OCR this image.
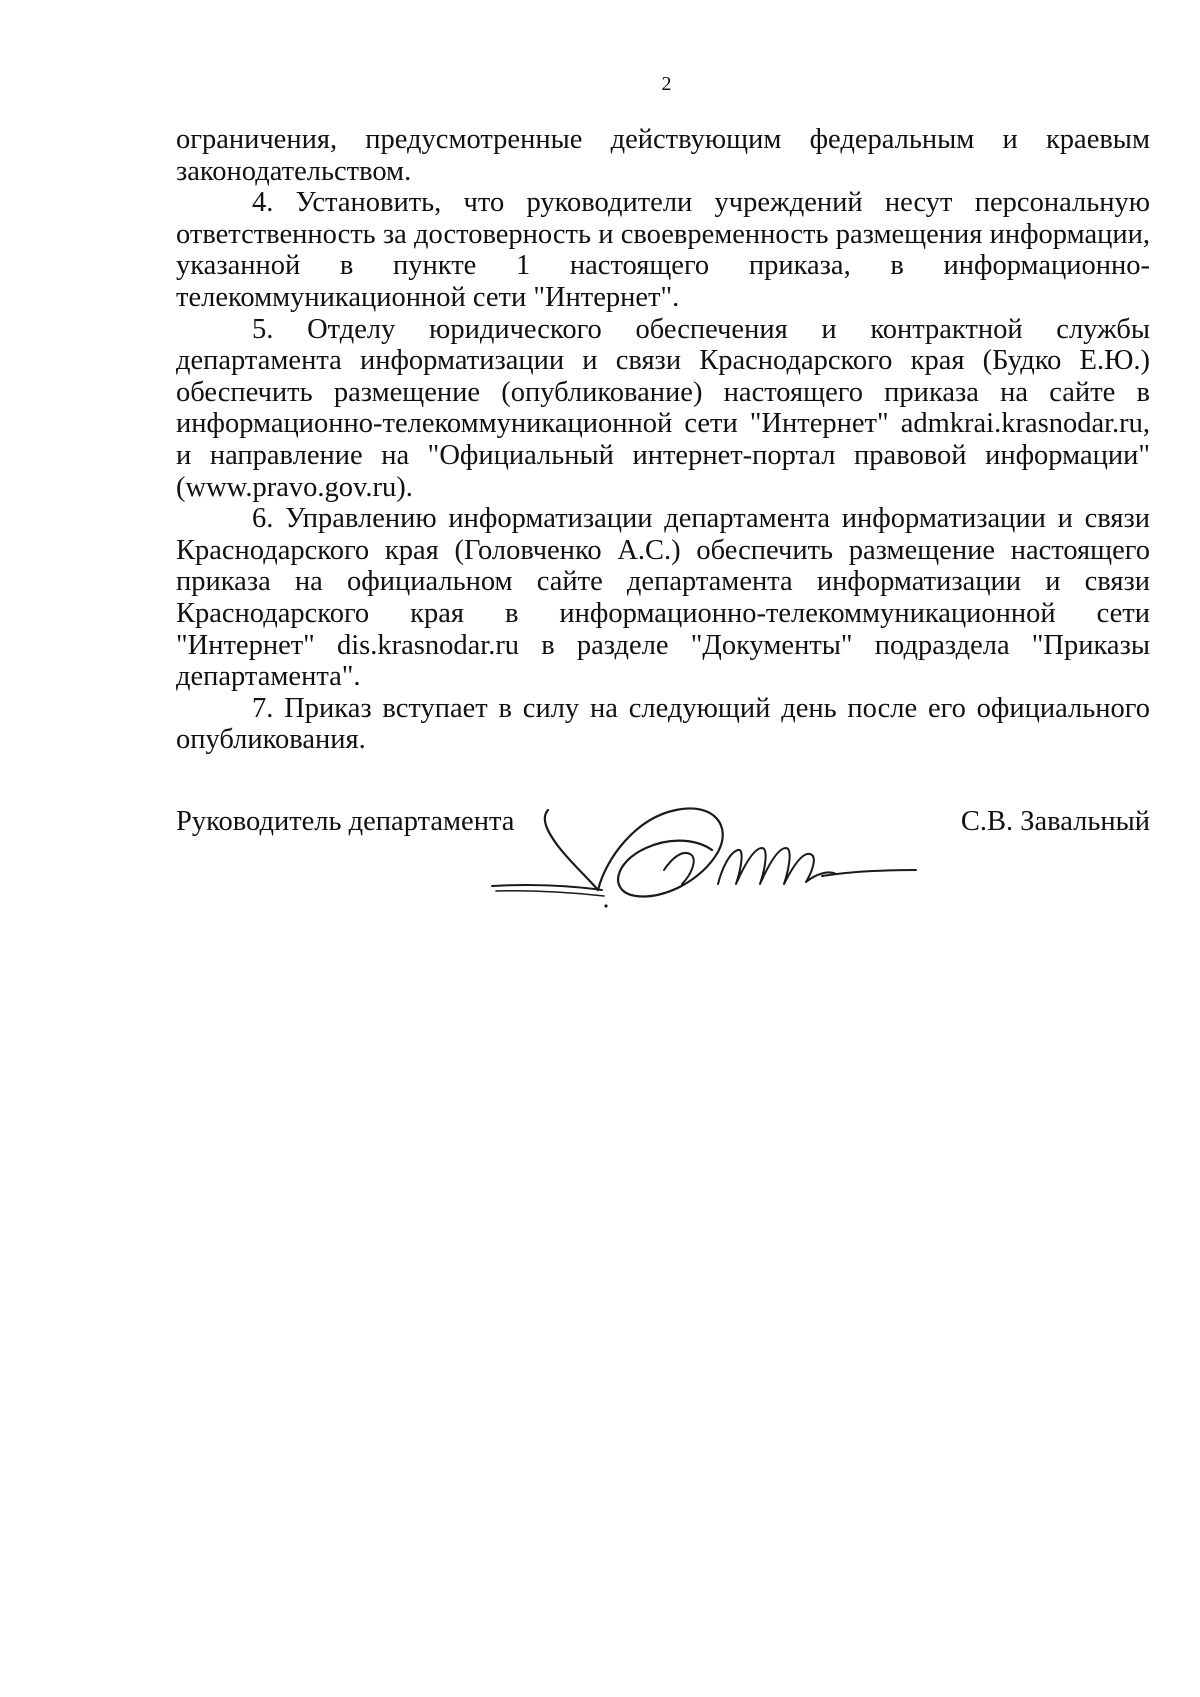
2

ограничения, предусмотренные действующим федеральным и краевым законодательством.

4. Установить, что руководители учреждений несут персональную ответственность за достоверность и своевременность размещения информации, указанной в пункте 1 настоящего приказа, в информационно-телекоммуникационной сети "Интернет".

5. Отделу юридического обеспечения и контрактной службы департамента информатизации и связи Краснодарского края (Будко Е.Ю.) обеспечить размещение (опубликование) настоящего приказа на сайте в информационно-телекоммуникационной сети "Интернет" admkrai.krasnodar.ru, и направление на "Официальный интернет-портал правовой информации" (www.pravo.gov.ru).

6. Управлению информатизации департамента информатизации и связи Краснодарского края (Головченко А.С.) обеспечить размещение настоящего приказа на официальном сайте департамента информатизации и связи Краснодарского края в информационно-телекоммуникационной сети "Интернет" dis.krasnodar.ru в разделе "Документы" подраздела "Приказы департамента".

7. Приказ вступает в силу на следующий день после его официального опубликования.

Руководитель департамента	С.В. Завальный
